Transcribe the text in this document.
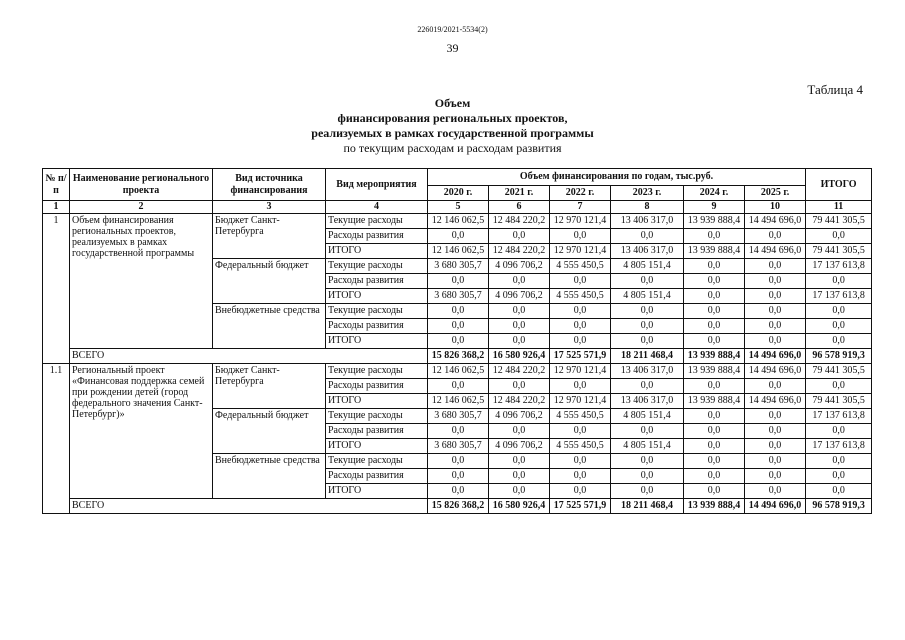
226019/2021-5534(2)
39
Таблица 4
Объем
финансирования региональных проектов,
реализуемых в рамках государственной программы
по текущим расходам и расходам развития
№ п/п	Наименование регионального проекта	Вид источника финансирования	Вид мероприятия	Объем финансирования по годам, тыс.руб.						ИТОГО
				2020 г.	2021 г.	2022 г.	2023 г.	2024 г.	2025 г.	
1	2	3	4	5	6	7	8	9	10	11
1	Объем финансирования региональных проектов, реализуемых в рамках государственной программы	Бюджет Санкт-Петербурга	Текущие расходы	12 146 062,5	12 484 220,2	12 970 121,4	13 406 317,0	13 939 888,4	14 494 696,0	79 441 305,5
			Расходы развития	0,0	0,0	0,0	0,0	0,0	0,0	0,0
			ИТОГО	12 146 062,5	12 484 220,2	12 970 121,4	13 406 317,0	13 939 888,4	14 494 696,0	79 441 305,5
		Федеральный бюджет	Текущие расходы	3 680 305,7	4 096 706,2	4 555 450,5	4 805 151,4	0,0	0,0	17 137 613,8
			Расходы развития	0,0	0,0	0,0	0,0	0,0	0,0	0,0
			ИТОГО	3 680 305,7	4 096 706,2	4 555 450,5	4 805 151,4	0,0	0,0	17 137 613,8
		Внебюджетные средства	Текущие расходы	0,0	0,0	0,0	0,0	0,0	0,0	0,0
			Расходы развития	0,0	0,0	0,0	0,0	0,0	0,0	0,0
			ИТОГО	0,0	0,0	0,0	0,0	0,0	0,0	0,0
	ВСЕГО			15 826 368,2	16 580 926,4	17 525 571,9	18 211 468,4	13 939 888,4	14 494 696,0	96 578 919,3
1.1	Региональный проект «Финансовая поддержка семей при рождении детей (город федерального значения Санкт-Петербург)»	Бюджет Санкт-Петербурга	Текущие расходы	12 146 062,5	12 484 220,2	12 970 121,4	13 406 317,0	13 939 888,4	14 494 696,0	79 441 305,5
			Расходы развития	0,0	0,0	0,0	0,0	0,0	0,0	0,0
			ИТОГО	12 146 062,5	12 484 220,2	12 970 121,4	13 406 317,0	13 939 888,4	14 494 696,0	79 441 305,5
		Федеральный бюджет	Текущие расходы	3 680 305,7	4 096 706,2	4 555 450,5	4 805 151,4	0,0	0,0	17 137 613,8
			Расходы развития	0,0	0,0	0,0	0,0	0,0	0,0	0,0
			ИТОГО	3 680 305,7	4 096 706,2	4 555 450,5	4 805 151,4	0,0	0,0	17 137 613,8
		Внебюджетные средства	Текущие расходы	0,0	0,0	0,0	0,0	0,0	0,0	0,0
			Расходы развития	0,0	0,0	0,0	0,0	0,0	0,0	0,0
			ИТОГО	0,0	0,0	0,0	0,0	0,0	0,0	0,0
	ВСЕГО			15 826 368,2	16 580 926,4	17 525 571,9	18 211 468,4	13 939 888,4	14 494 696,0	96 578 919,3
